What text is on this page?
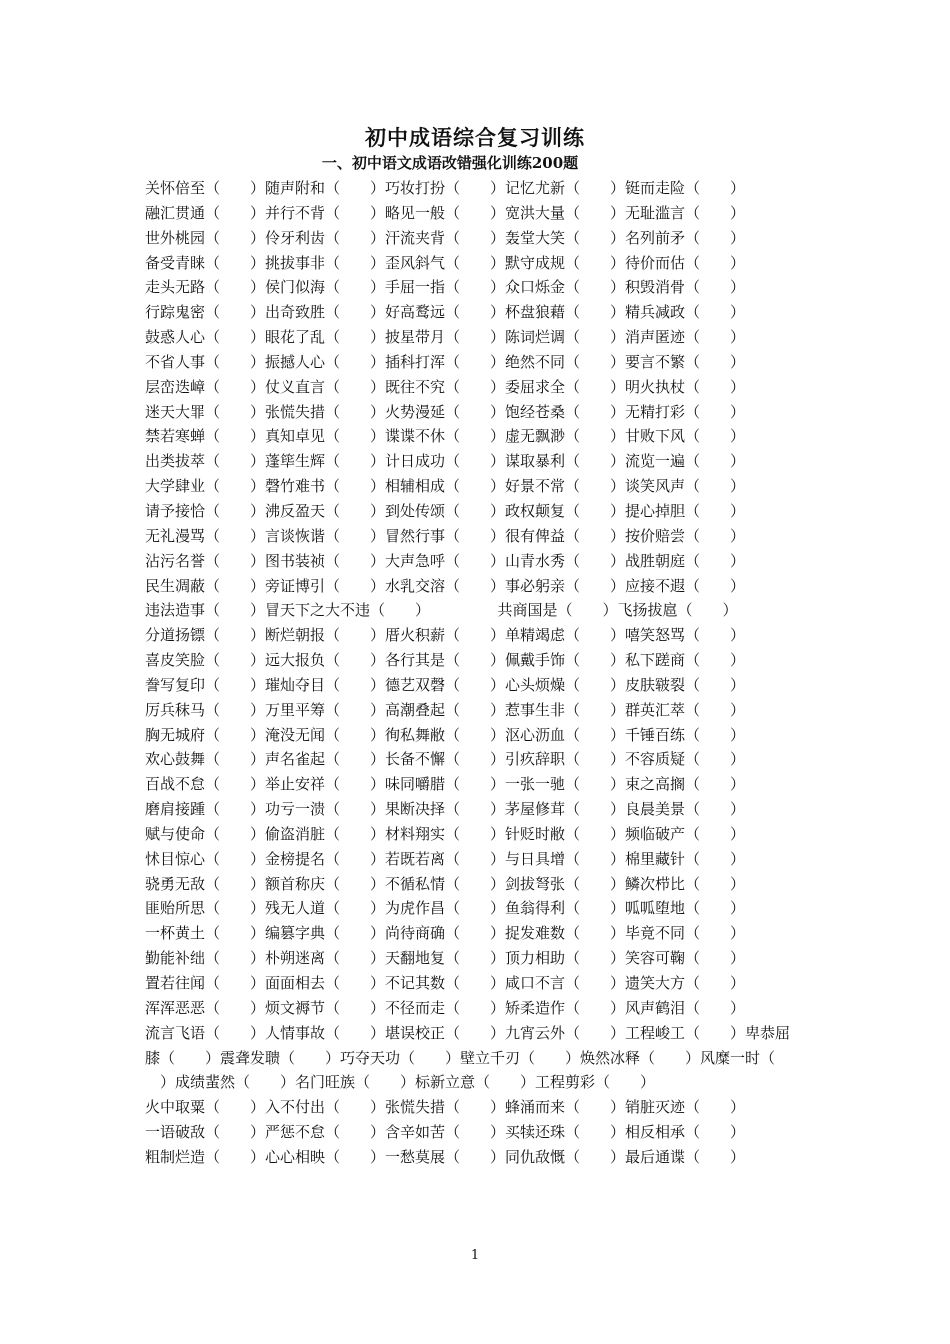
初中成语综合复习训练
一、初中语文成语改错强化训练200题
关怀倍至（　　）随声附和（　　）巧妆打扮（　　）记忆尤新（　　）铤而走险（　　）
融汇贯通（　　）并行不背（　　）略见一般（　　）宽洪大量（　　）无耻滥言（　　）
世外桃园（　　）伶牙利齿（　　）汗流夹背（　　）轰堂大笑（　　）名列前矛（　　）
备受青睐（　　）挑拔事非（　　）歪风斜气（　　）默守成规（　　）待价而估（　　）
走头无路（　　）侯门似海（　　）手屈一指（　　）众口烁金（　　）积毁消骨（　　）
行踪鬼密（　　）出奇致胜（　　）好高鹜远（　　）杯盘狼藉（　　）精兵减政（　　）
鼓惑人心（　　）眼花了乱（　　）披星带月（　　）陈词烂调（　　）消声匿迹（　　）
不省人事（　　）振撼人心（　　）插科打浑（　　）绝然不同（　　）要言不繁（　　）
层峦迭嶂（　　）仗义直言（　　）既往不究（　　）委屈求全（　　）明火执杖（　　）
迷天大罪（　　）张慌失措（　　）火势漫延（　　）饱经苍桑（　　）无精打彩（　　）
禁若寒蝉（　　）真知卓见（　　）谍谍不休（　　）虚无飘渺（　　）甘败下风（　　）
出类拔萃（　　）蓬筚生辉（　　）计日成功（　　）谋取暴利（　　）流览一遍（　　）
大学肆业（　　）磬竹难书（　　）相辅相成（　　）好景不常（　　）谈笑风声（　　）
请予接恰（　　）沸反盈天（　　）到处传颂（　　）政权颠复（　　）提心掉胆（　　）
无礼漫骂（　　）言谈恢谐（　　）冒然行事（　　）很有俾益（　　）按价赔尝（　　）
沾污名誉（　　）图书装祯（　　）大声急呼（　　）山青水秀（　　）战胜朝庭（　　）
民生凋蔽（　　）旁证博引（　　）水乳交溶（　　）事必躬亲（　　）应接不遐（　　）
违法造事（　　）冒天下之大不违（　　）　　　　　共商国是（　　）飞扬拔扈（　　）
分道扬镖（　　）断烂朝报（　　）厝火积薪（　　）单精竭虑（　　）嘻笑怒骂（　　）
喜皮笑脸（　　）远大报负（　　）各行其是（　　）佩戴手饰（　　）私下蹉商（　　）
誊写复印（　　）璀灿夺目（　　）德艺双磬（　　）心头烦燥（　　）皮肤皲裂（　　）
厉兵秣马（　　）万里平筹（　　）高潮叠起（　　）惹事生非（　　）群英汇萃（　　）
胸无城府（　　）淹没无闻（　　）徇私舞敝（　　）沤心沥血（　　）千锤百练（　　）
欢心鼓舞（　　）声名雀起（　　）长备不懈（　　）引疚辞职（　　）不容质疑（　　）
百战不怠（　　）举止安祥（　　）味同嚼腊（　　）一张一驰（　　）束之高搁（　　）
磨肩接踵（　　）功亏一溃（　　）果断决择（　　）茅屋修茸（　　）良晨美景（　　）
赋与使命（　　）偷盗消脏（　　）材料翔实（　　）针贬时敝（　　）频临破产（　　）
怵目惊心（　　）金榜提名（　　）若既若离（　　）与日具增（　　）棉里藏针（　　）
骁勇无敌（　　）额首称庆（　　）不循私情（　　）剑拔弩张（　　）鳞次栉比（　　）
匪贻所思（　　）残无人道（　　）为虎作昌（　　）鱼翁得利（　　）呱呱堕地（　　）
一杯黄土（　　）编篡字典（　　）尚待商确（　　）捉发难数（　　）毕竟不同（　　）
勤能补绌（　　）朴朔迷离（　　）天翻地复（　　）顶力相助（　　）笑容可鞠（　　）
置若往闻（　　）面面相去（　　）不记其数（　　）咸口不言（　　）遗笑大方（　　）
浑浑恶恶（　　）烦文褥节（　　）不径而走（　　）矫柔造作（　　）风声鹤泪（　　）
流言飞语（　　）人情事故（　　）堪误校正（　　）九宵云外（　　）工程峻工（　　）卑恭屈
膝（　　）震聋发聩（　　）巧夺天功（　　）壁立千刃（　　）焕然冰释（　　）风糜一时（
　）成绩蜚然（　　）名门旺族（　　）标新立意（　　）工程剪彩（　　）
火中取粟（　　）入不付出（　　）张慌失措（　　）蜂涌而来（　　）销脏灭迹（　　）
一语破敌（　　）严惩不怠（　　）含辛如苦（　　）买犊还珠（　　）相反相承（　　）
粗制烂造（　　）心心相映（　　）一愁莫展（　　）同仇敌慨（　　）最后通谍（　　）
1
